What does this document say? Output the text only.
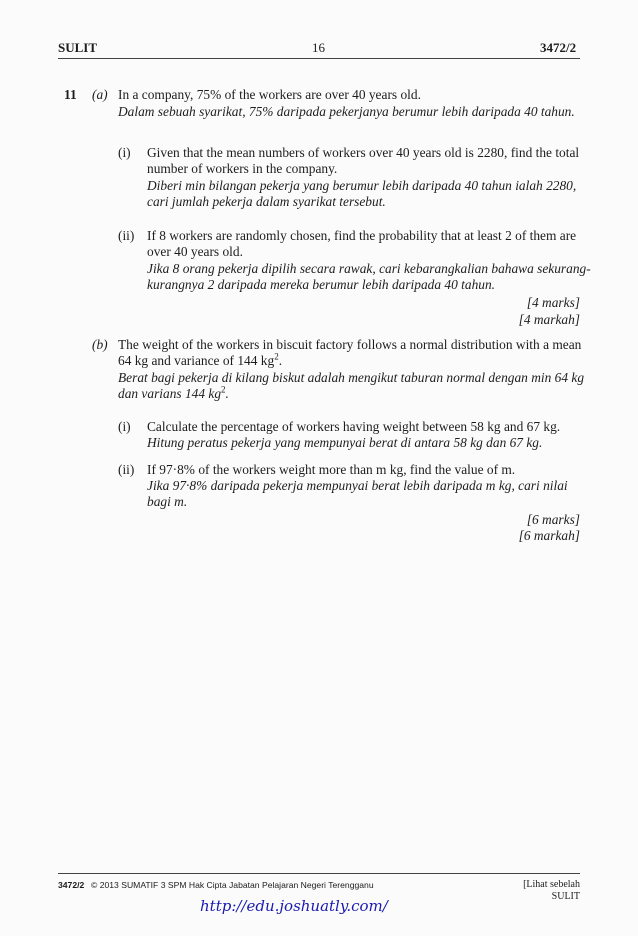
SULIT	16	3472/2
11 (a) In a company, 75% of the workers are over 40 years old.
Dalam sebuah syarikat, 75% daripada pekerjanya berumur lebih daripada 40 tahun.
(i) Given that the mean numbers of workers over 40 years old is 2280, find the total
number of workers in the company.
Diberi min bilangan pekerja yang berumur lebih daripada 40 tahun ialah 2280,
cari jumlah pekerja dalam syarikat tersebut.
(ii) If 8 workers are randomly chosen, find the probability that at least 2 of them are
over 40 years old.
Jika 8 orang pekerja dipilih secara rawak, cari kebarangkalian bahawa sekurang-
kurangnya 2 daripada mereka berumur lebih daripada 40 tahun.
[4 marks]
[4 markah]
(b) The weight of the workers in biscuit factory follows a normal distribution with a mean
64 kg and variance of 144 $kg^2$.
Berat bagi pekerja di kilang biskut adalah mengikut taburan normal dengan min 64 kg
dan varians 144 $kg^2$.
(i) Calculate the percentage of workers having weight between 58 kg and 67 kg.
Hitung peratus pekerja yang mempunyai berat di antara 58 kg dan 67 kg.
(ii) If 97·8% of the workers weight more than m kg, find the value of m.
Jika 97·8% daripada pekerja mempunyai berat lebih daripada m kg, cari nilai
bagi m.
[6 marks]
[6 markah]
3472/2 © 2013 SUMATIF 3 SPM Hak Cipta Jabatan Pelajaran Negeri Terengganu	[Lihat sebelah
SULIT
http://edu.joshuatly.com/
